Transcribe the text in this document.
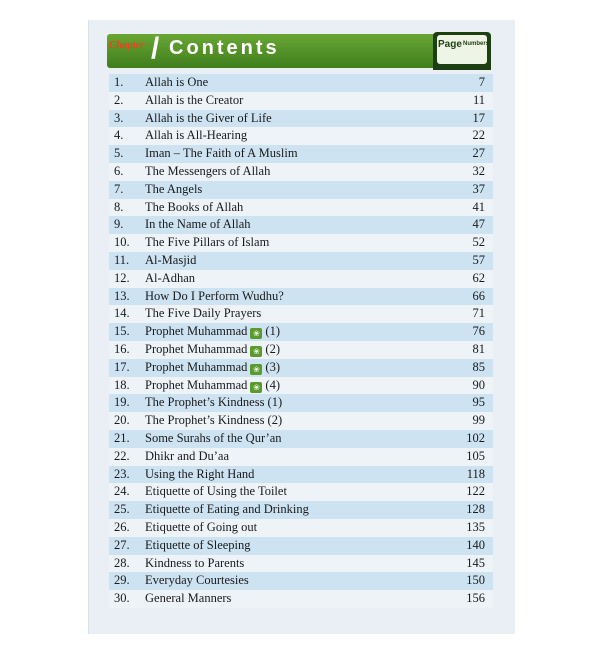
Chapter / Contents	Page Numbers
1. Allah is One	7
2. Allah is the Creator	11
3. Allah is the Giver of Life	17
4. Allah is All-Hearing	22
5. Iman – The Faith of A Muslim	27
6. The Messengers of Allah	32
7. The Angels	37
8. The Books of Allah	41
9. In the Name of Allah	47
10. The Five Pillars of Islam	52
11. Al-Masjid	57
12. Al-Adhan	62
13. How Do I Perform Wudhu?	66
14. The Five Daily Prayers	71
15. Prophet Muhammad ❀ (1)	76
16. Prophet Muhammad ❀ (2)	81
17. Prophet Muhammad ❀ (3)	85
18. Prophet Muhammad ❀ (4)	90
19. The Prophet’s Kindness (1)	95
20. The Prophet’s Kindness (2)	99
21. Some Surahs of the Qur’an	102
22. Dhikr and Du’aa	105
23. Using the Right Hand	118
24. Etiquette of Using the Toilet	122
25. Etiquette of Eating and Drinking	128
26. Etiquette of Going out	135
27. Etiquette of Sleeping	140
28. Kindness to Parents	145
29. Everyday Courtesies	150
30. General Manners	156
